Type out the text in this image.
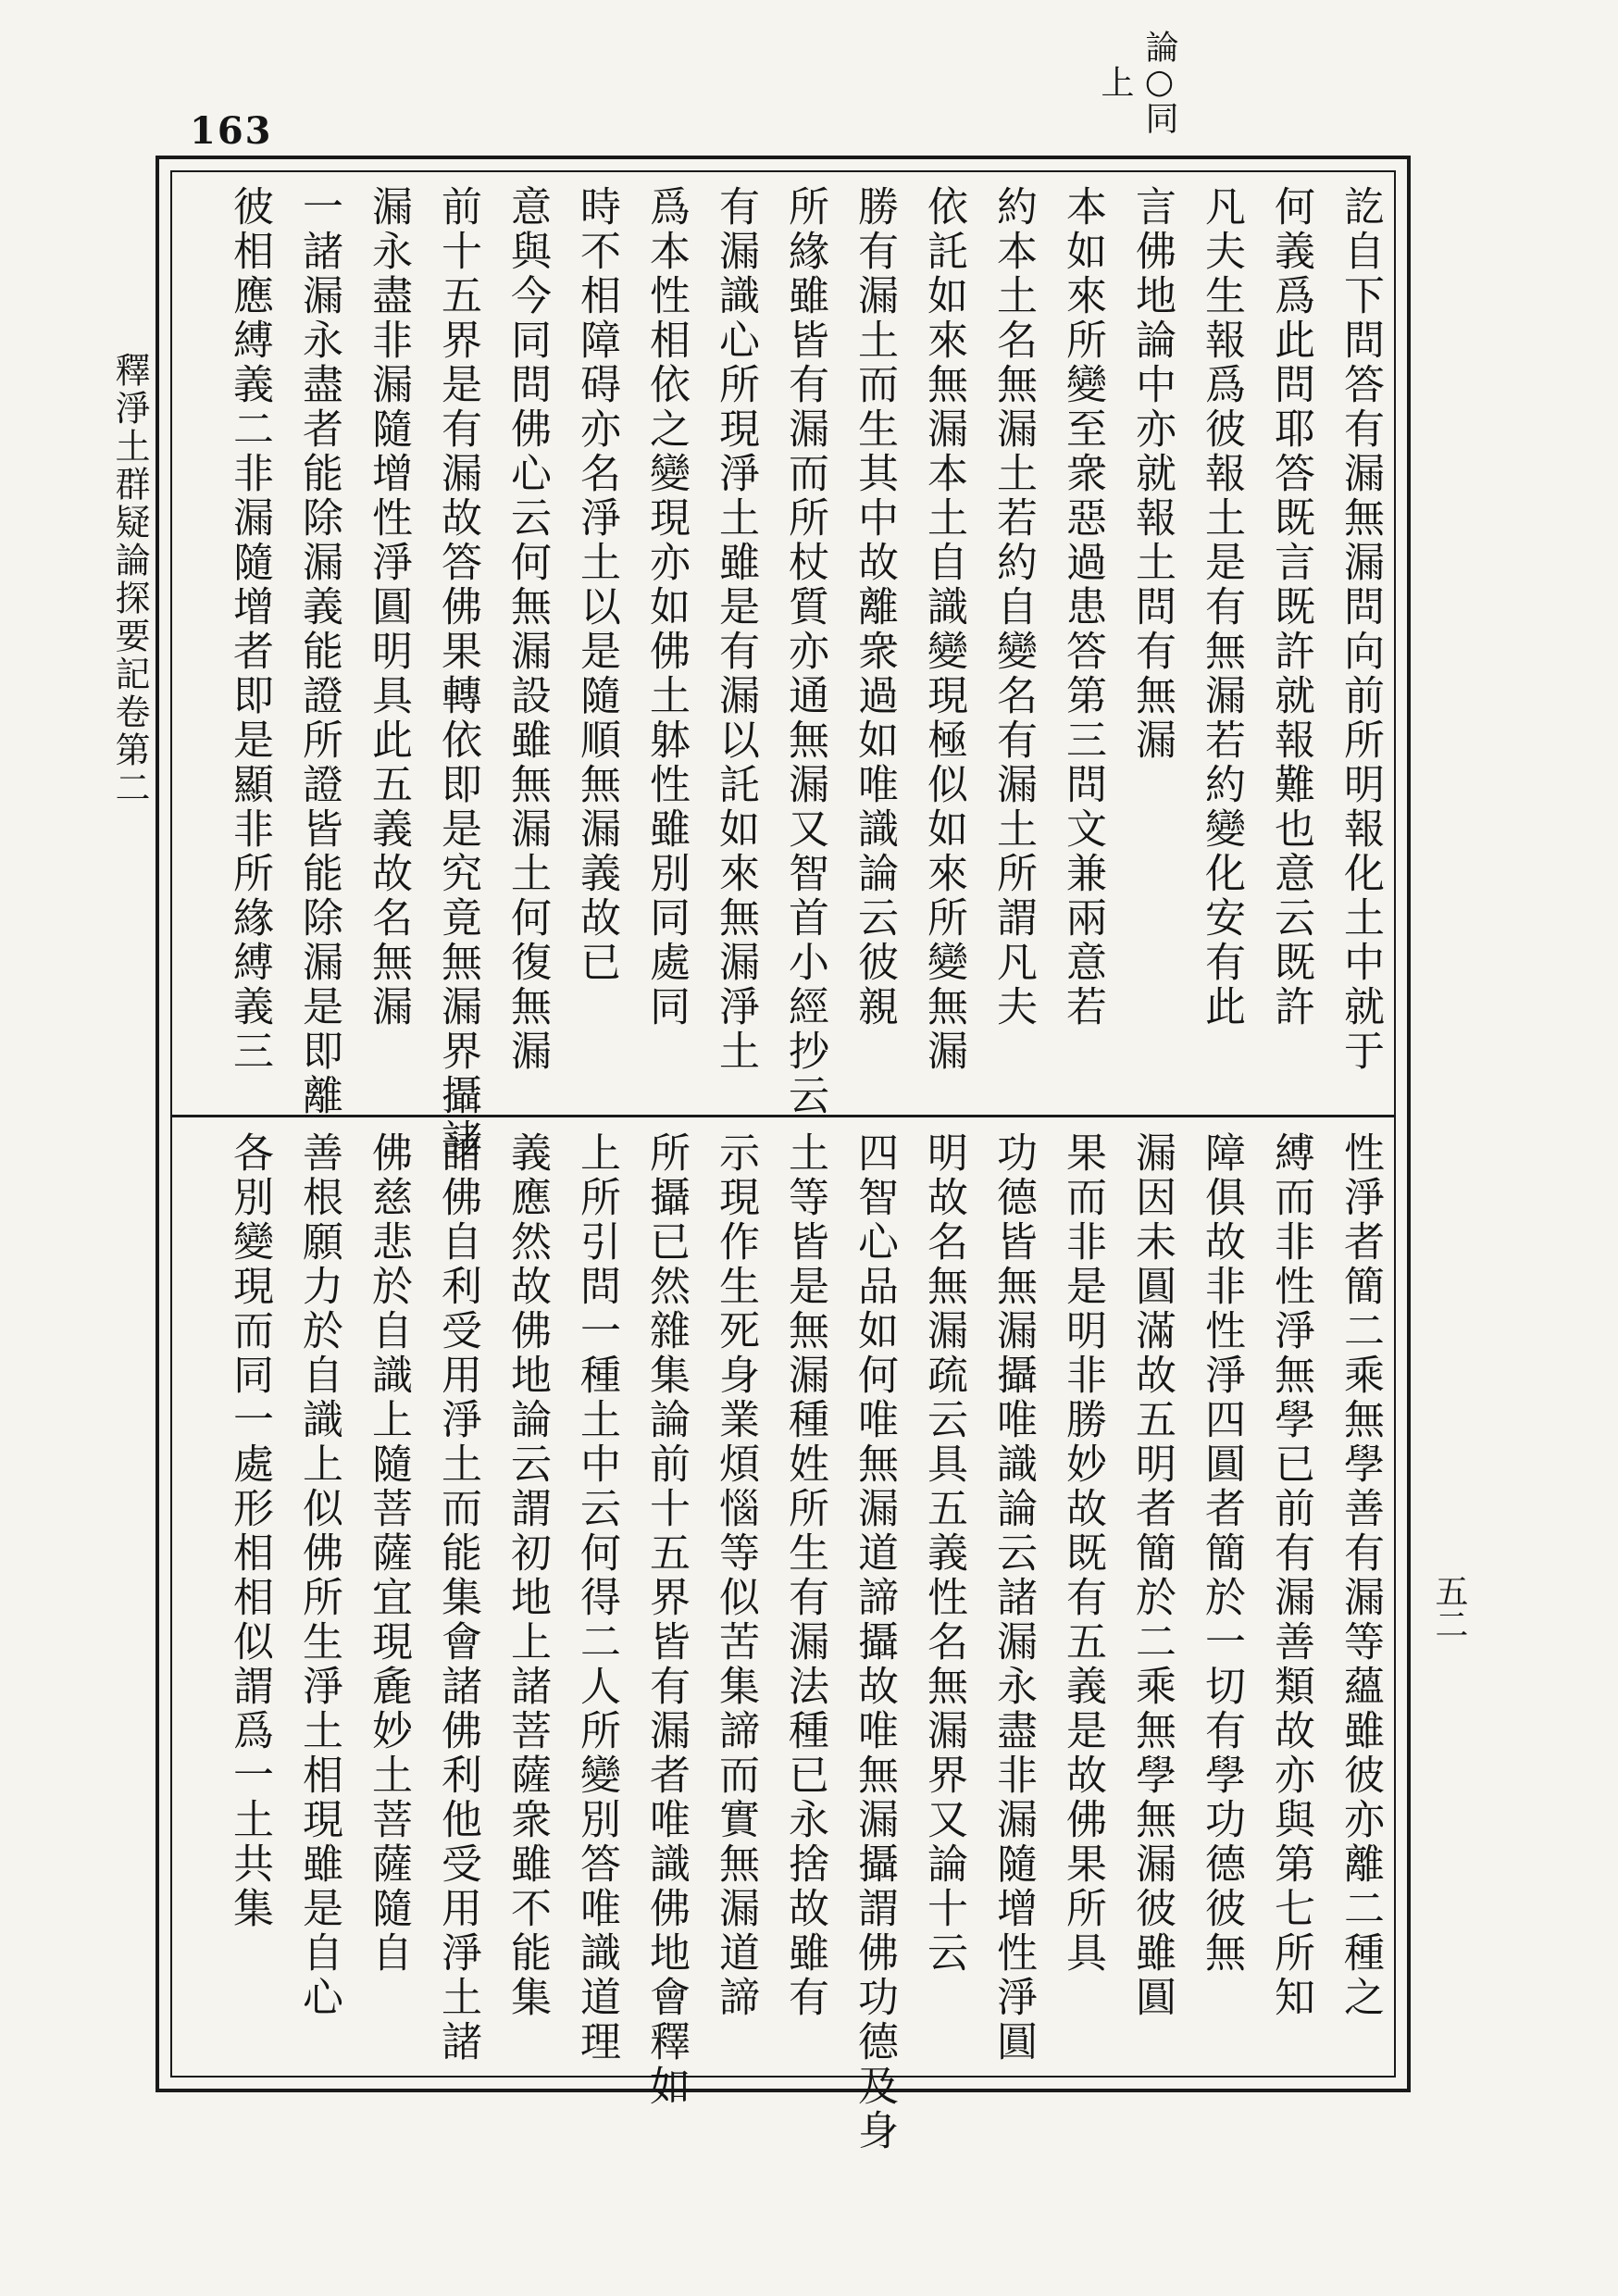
163	論○同上
釋淨土群疑論探要記卷第二
五二
訖自下問答有漏無漏問向前所明報化土中就于
何義爲此問耶答既言既許就報難也意云既許
凡夫生報爲彼報土是有無漏若約變化安有此
言佛地論中亦就報土問有無漏
本如來所變至衆惡過患答第三問文兼兩意若
約本土名無漏土若約自變名有漏土所謂凡夫
依託如來無漏本土自識變現極似如來所變無漏
勝有漏土而生其中故離衆過如唯識論云彼親
所緣雖皆有漏而所杖質亦通無漏又智首小經抄云
有漏識心所現淨土雖是有漏以託如來無漏淨土
爲本性相依之變現亦如佛土躰性雖別同處同
時不相障碍亦名淨土以是隨順無漏義故已
意與今同問佛心云何無漏設雖無漏土何復無漏
前十五界是有漏故答佛果轉依即是究竟無漏界攝諸
漏永盡非漏隨增性淨圓明具此五義故名無漏
一諸漏永盡者能除漏義能證所證皆能除漏是即離
彼相應縛義二非漏隨增者即是顯非所緣縛義三
性淨者簡二乘無學善有漏等蘊雖彼亦離二種之
縛而非性淨無學已前有漏善類故亦與第七所知
障俱故非性淨四圓者簡於一切有學功德彼無
漏因未圓滿故五明者簡於二乘無學無漏彼雖圓
果而非是明非勝妙故既有五義是故佛果所具
功德皆無漏攝唯識論云諸漏永盡非漏隨增性淨圓
明故名無漏疏云具五義性名無漏界又論十云
四智心品如何唯無漏道諦攝故唯無漏攝謂佛功德及身
土等皆是無漏種姓所生有漏法種已永捨故雖有
示現作生死身業煩惱等似苦集諦而實無漏道諦
所攝已然雜集論前十五界皆有漏者唯識佛地會釋如
上所引問一種土中云何得二人所變別答唯識道理
義應然故佛地論云謂初地上諸菩薩衆雖不能集
諸佛自利受用淨土而能集會諸佛利他受用淨土諸
佛慈悲於自識上隨菩薩宜現麁妙土菩薩隨自
善根願力於自識上似佛所生淨土相現雖是自心
各別變現而同一處形相相似謂爲一土共集
